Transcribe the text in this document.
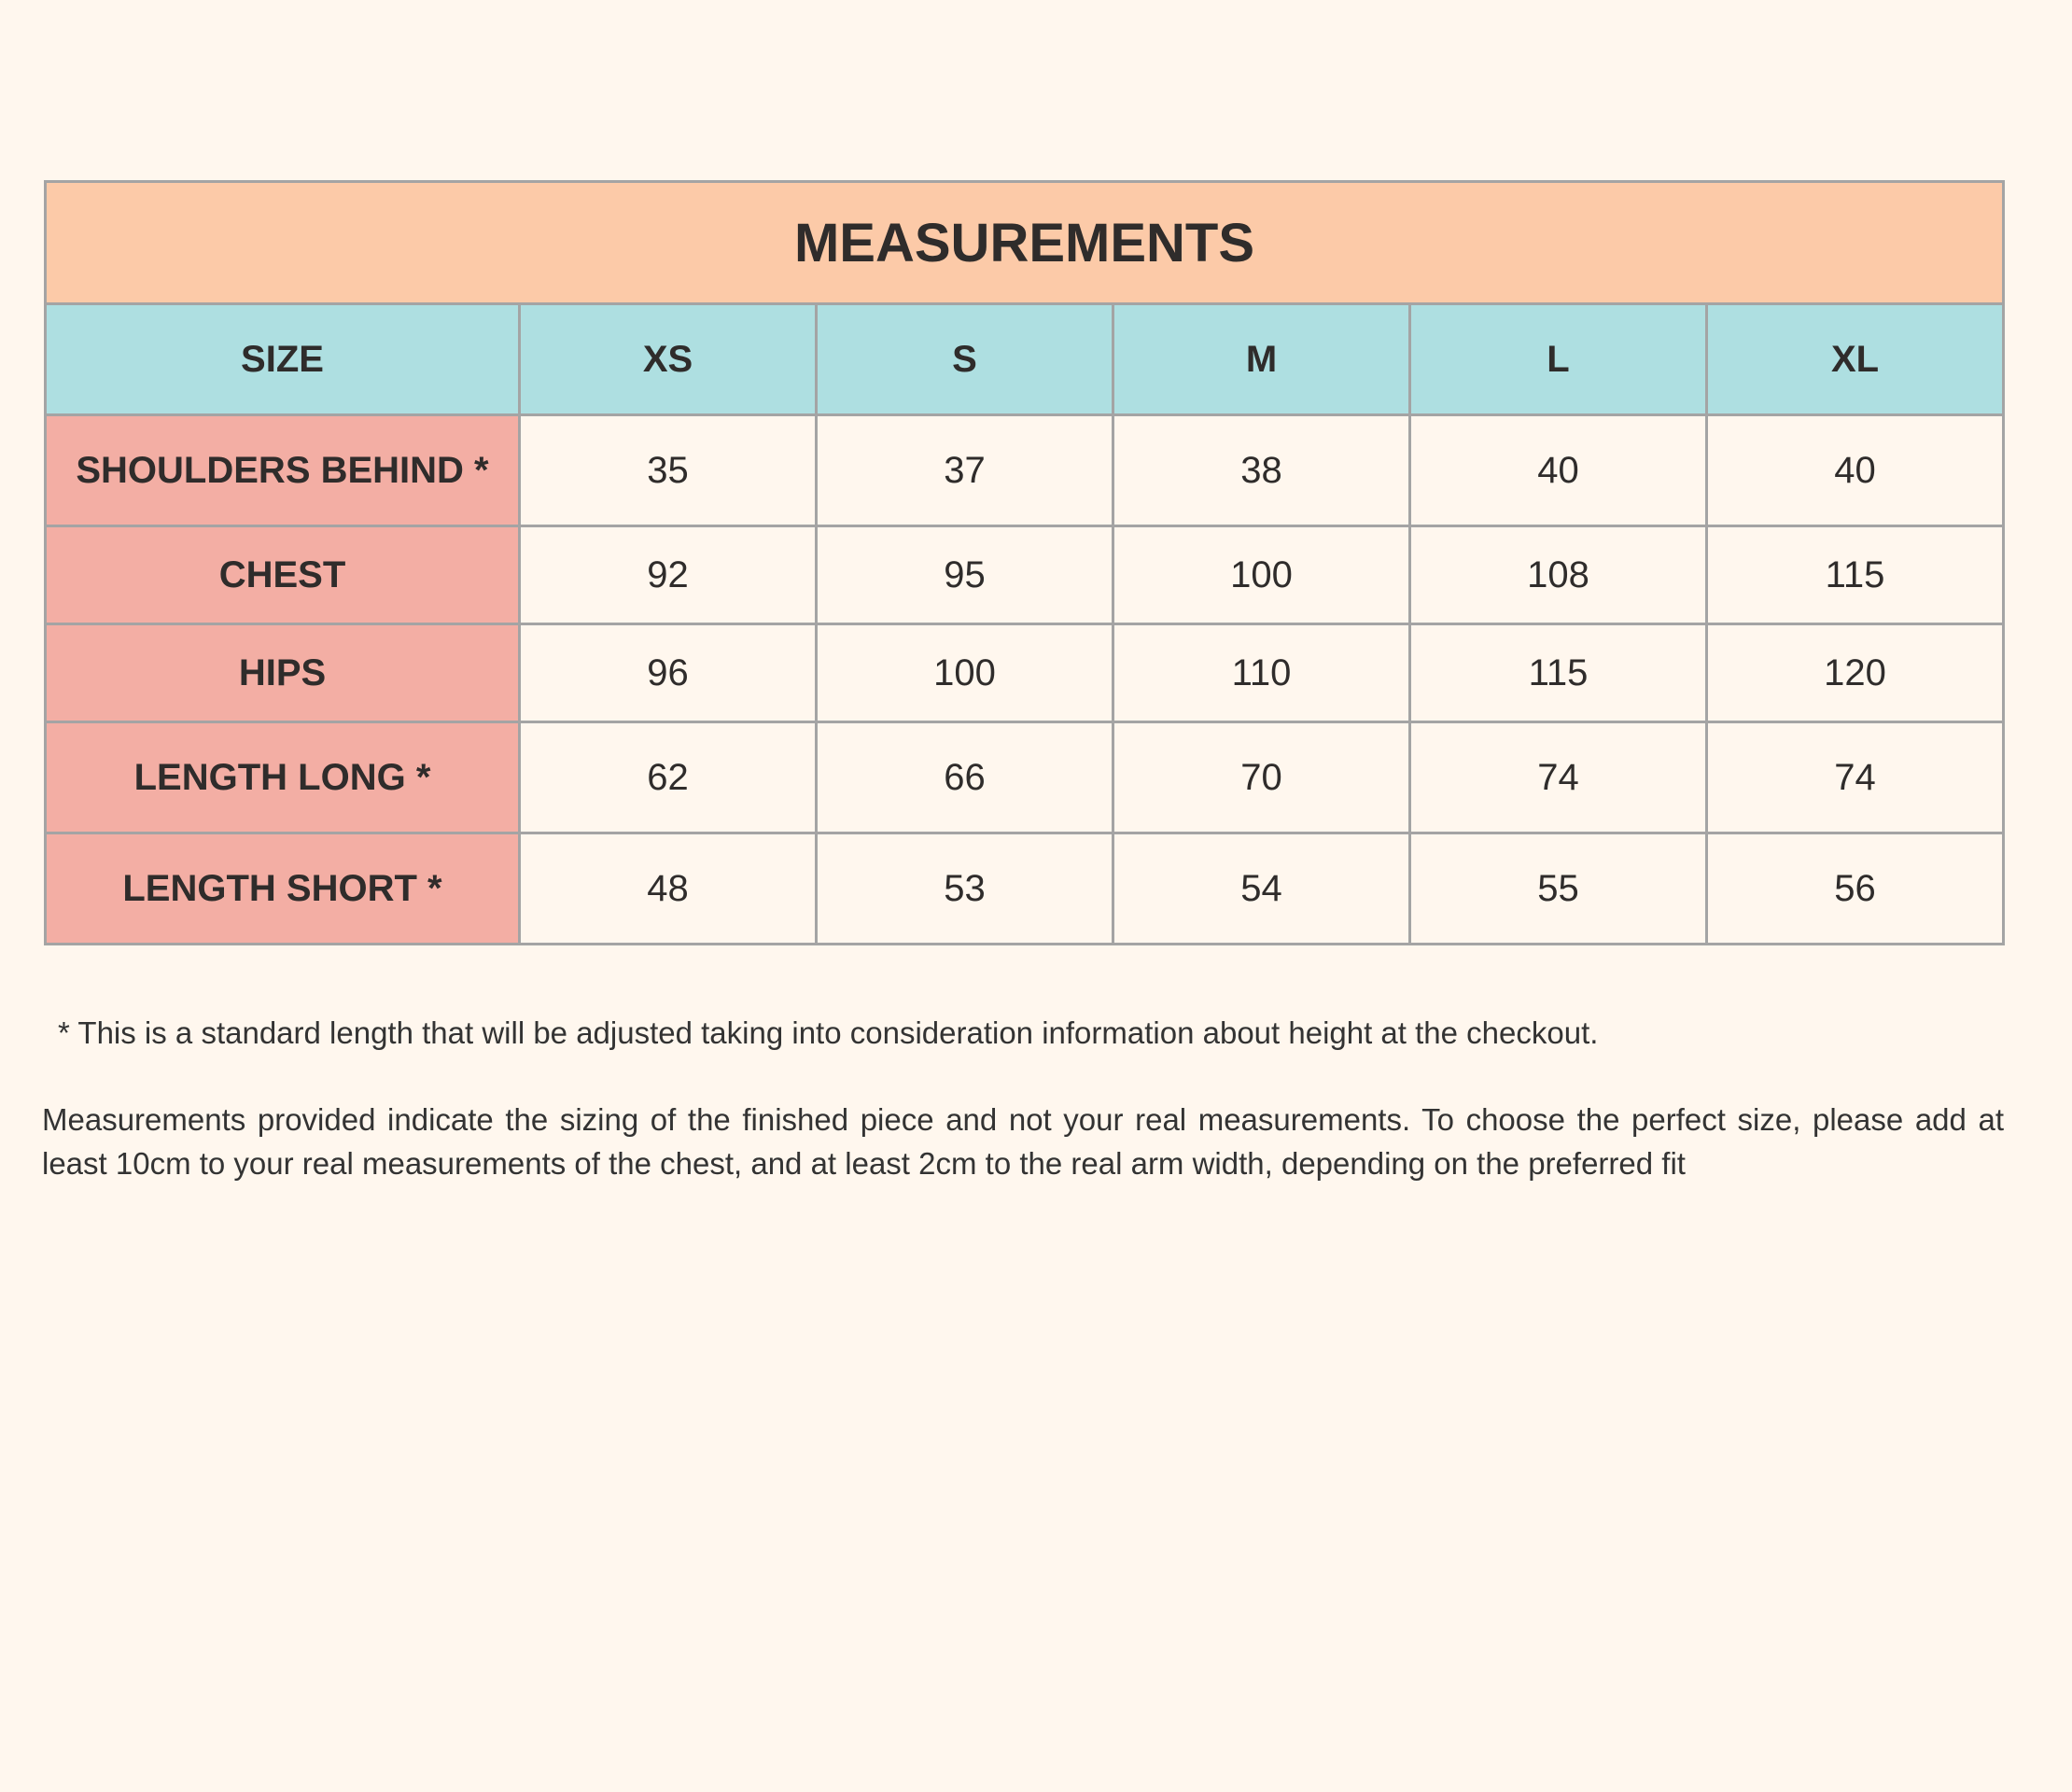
MEASUREMENTS					
SIZE	XS	S	M	L	XL
SHOULDERS BEHIND *	35	37	38	40	40
CHEST	92	95	100	108	115
HIPS	96	100	110	115	120
LENGTH LONG *	62	66	70	74	74
LENGTH SHORT *	48	53	54	55	56

* This is a standard length that will be adjusted taking into consideration information about height at the checkout.

Measurements provided indicate the sizing of the finished piece and not your real measurements. To choose the perfect size, please add at least 10cm to your real measurements of the chest, and at least 2cm to the real arm width, depending on the preferred fit
